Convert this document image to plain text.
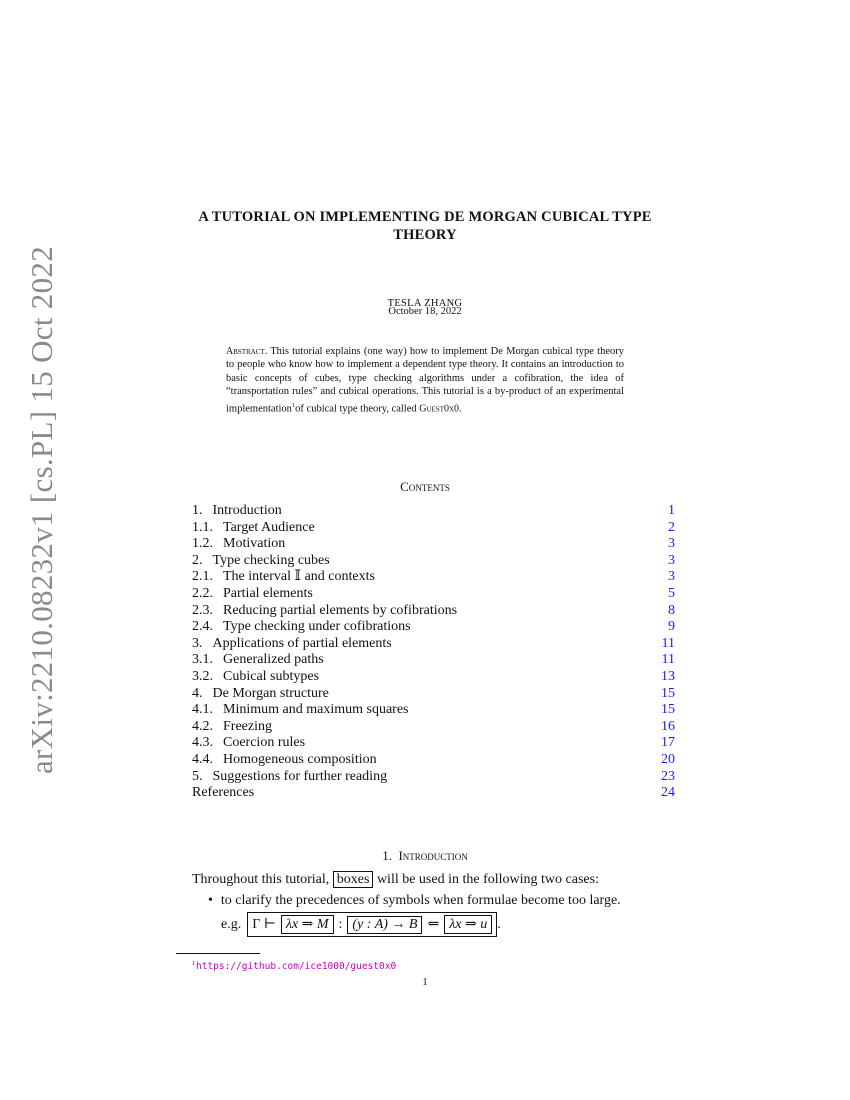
arXiv:2210.08232v1 [cs.PL] 15 Oct 2022
A TUTORIAL ON IMPLEMENTING DE MORGAN CUBICAL TYPE THEORY
TESLA ZHANG
October 18, 2022
Abstract. This tutorial explains (one way) how to implement De Morgan cubical type theory to people who know how to implement a dependent type theory. It contains an introduction to basic concepts of cubes, type checking algorithms under a cofibration, the idea of “transportation rules” and cubical operations. This tutorial is a by-product of an experimental implementation$^1$of cubical type theory, called Guest0x0.
Contents
1. Introduction	1
1.1. Target Audience	2
1.2. Motivation	3
2. Type checking cubes	3
2.1. The interval 𝕀 and contexts	3
2.2. Partial elements	5
2.3. Reducing partial elements by cofibrations	8
2.4. Type checking under cofibrations	9
3. Applications of partial elements	11
3.1. Generalized paths	11
3.2. Cubical subtypes	13
4. De Morgan structure	15
4.1. Minimum and maximum squares	15
4.2. Freezing	16
4.3. Coercion rules	17
4.4. Homogeneous composition	20
5. Suggestions for further reading	23
References	24
1. Introduction
Throughout this tutorial, boxes will be used in the following two cases:
• to clarify the precedences of symbols when formulae become too large.
e.g. Γ ⊢ λx ⇒ M : (y : A) → B ⇐ λx ⇒ u .
$^1$https://github.com/ice1000/guest0x0
1
